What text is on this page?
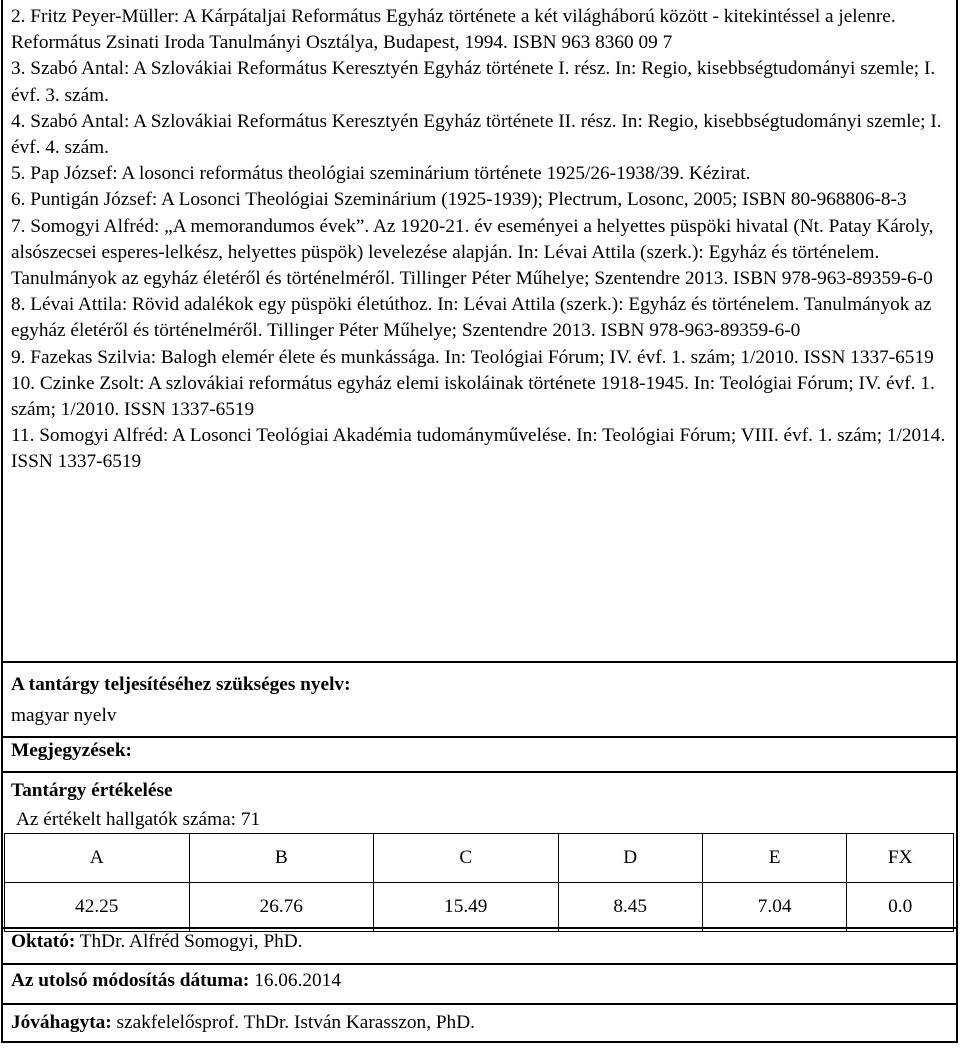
2. Fritz Peyer-Müller: A Kárpátaljai Református Egyház története a két világháború között - kitekintéssel a jelenre. Református Zsinati Iroda Tanulmányi Osztálya, Budapest, 1994. ISBN 963 8360 09 7

3. Szabó Antal: A Szlovákiai Református Keresztyén Egyház története I. rész. In: Regio, kisebbségtudományi szemle; I. évf. 3. szám.

4. Szabó Antal: A Szlovákiai Református Keresztyén Egyház története II. rész. In: Regio, kisebbségtudományi szemle; I. évf. 4. szám.

5. Pap József: A losonci református theológiai szeminárium története 1925/26-1938/39. Kézirat.

6. Puntigán József: A Losonci Theológiai Szeminárium (1925-1939); Plectrum, Losonc, 2005; ISBN 80-968806-8-3

7. Somogyi Alfréd: „A memorandumos évek”. Az 1920-21. év eseményei a helyettes püspöki hivatal (Nt. Patay Károly, alsószecsei esperes-lelkész, helyettes püspök) levelezése alapján. In: Lévai Attila (szerk.): Egyház és történelem. Tanulmányok az egyház életéről és történelméről. Tillinger Péter Műhelye; Szentendre 2013. ISBN 978-963-89359-6-0

8. Lévai Attila: Rövid adalékok egy püspöki életúthoz. In: Lévai Attila (szerk.): Egyház és történelem. Tanulmányok az egyház életéről és történelméről. Tillinger Péter Műhelye; Szentendre 2013. ISBN 978-963-89359-6-0

9. Fazekas Szilvia: Balogh elemér élete és munkássága. In: Teológiai Fórum; IV. évf. 1. szám; 1/2010. ISSN 1337-6519

10. Czinke Zsolt: A szlovákiai református egyház elemi iskoláinak története 1918-1945. In: Teológiai Fórum; IV. évf. 1. szám; 1/2010. ISSN 1337-6519

11. Somogyi Alfréd: A Losonci Teológiai Akadémia tudományművelése. In: Teológiai Fórum; VIII. évf. 1. szám; 1/2014. ISSN 1337-6519

A tantárgy teljesítéséhez szükséges nyelv:
magyar nyelv
Megjegyzések:
Tantárgy értékelése
Az értékelt hallgatók száma: 71
A	B	C	D	E	FX
42.25	26.76	15.49	8.45	7.04	0.0
Oktató: ThDr. Alfréd Somogyi, PhD.
Az utolsó módosítás dátuma: 16.06.2014
Jóváhagyta: szakfelelősprof. ThDr. István Karasszon, PhD.
